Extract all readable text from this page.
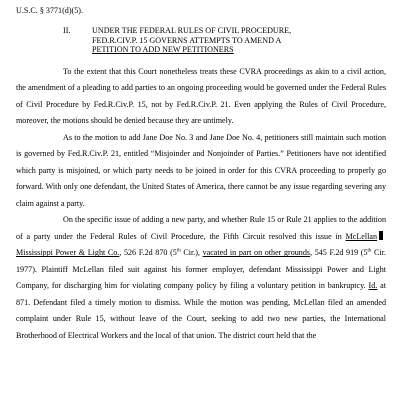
U.S.C. § 3771(d)(5).

II.	UNDER THE FEDERAL RULES OF CIVIL PROCEDURE,
FED.R.CIV.P. 15 GOVERNS ATTEMPTS TO AMEND A
PETITION TO ADD NEW PETITIONERS

To the extent that this Court nonetheless treats these CVRA proceedings as akin to a civil action, the amendment of a pleading to add parties to an ongoing proceeding would be governed under the Federal Rules of Civil Procedure by Fed.R.Civ.P. 15, not by Fed.R.Civ.P. 21. Even applying the Rules of Civil Procedure, moreover, the motions should be denied because they are untimely.

As to the motion to add Jane Doe No. 3 and Jane Doe No. 4, petitioners still maintain such motion is governed by Fed.R.Civ.P. 21, entitled “Misjoinder and Nonjoinder of Parties.” Petitioners have not identified which party is misjoined, or which party needs to be joined in order for this CVRA proceeding to properly go forward. With only one defendant, the United States of America, there cannot be any issue regarding severing any claim against a party.

On the specific issue of adding a new party, and whether Rule 15 or Rule 21 applies to the addition of a party under the Federal Rules of Civil Procedure, the Fifth Circuit resolved this issue in McLellanMississippi Power & Light Co., 526 F.2d 870 (5th Cir.), vacated in part on other grounds, 545 F.2d 919 (5th Cir. 1977). Plaintiff McLellan filed suit against his former employer, defendant Mississippi Power and Light Company, for discharging him for violating company policy by filing a voluntary petition in bankruptcy. Id. at 871. Defendant filed a timely motion to dismiss. While the motion was pending, McLellan filed an amended complaint under Rule 15, without leave of the Court, seeking to add two new parties, the International Brotherhood of Electrical Workers and the local of that union. The district court held that the
